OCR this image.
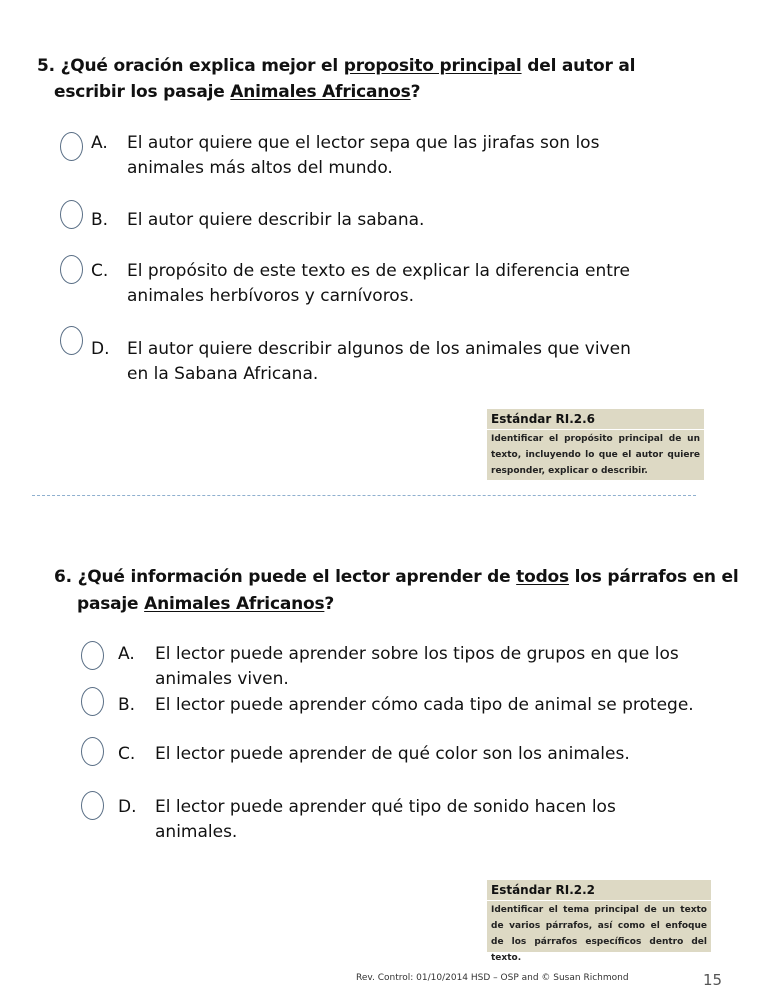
5. ¿Qué oración explica mejor el proposito principal del autor al
escribir los pasaje Animales Africanos?
A. El autor quiere que el lector sepa que las jirafas son los
animales más altos del mundo.
B. El autor quiere describir la sabana.
C. El propósito de este texto es de explicar la diferencia entre
animales herbívoros y carnívoros.
D. El autor quiere describir algunos de los animales que viven
en la Sabana Africana.
Estándar RI.2.6
Identificar el propósito principal de un texto, incluyendo lo que el autor quiere responder, explicar o describir.
6. ¿Qué información puede el lector aprender de todos los párrafos en el
pasaje Animales Africanos?
A. El lector puede aprender sobre los tipos de grupos en que los
animales viven.
B. El lector puede aprender cómo cada tipo de animal se protege.
C. El lector puede aprender de qué color son los animales.
D. El lector puede aprender qué tipo de sonido hacen los
animales.
Estándar RI.2.2
Identificar el tema principal de un texto de varios párrafos, así como el enfoque de los párrafos específicos dentro del texto.
Rev. Control: 01/10/2014 HSD – OSP and © Susan Richmond	15
